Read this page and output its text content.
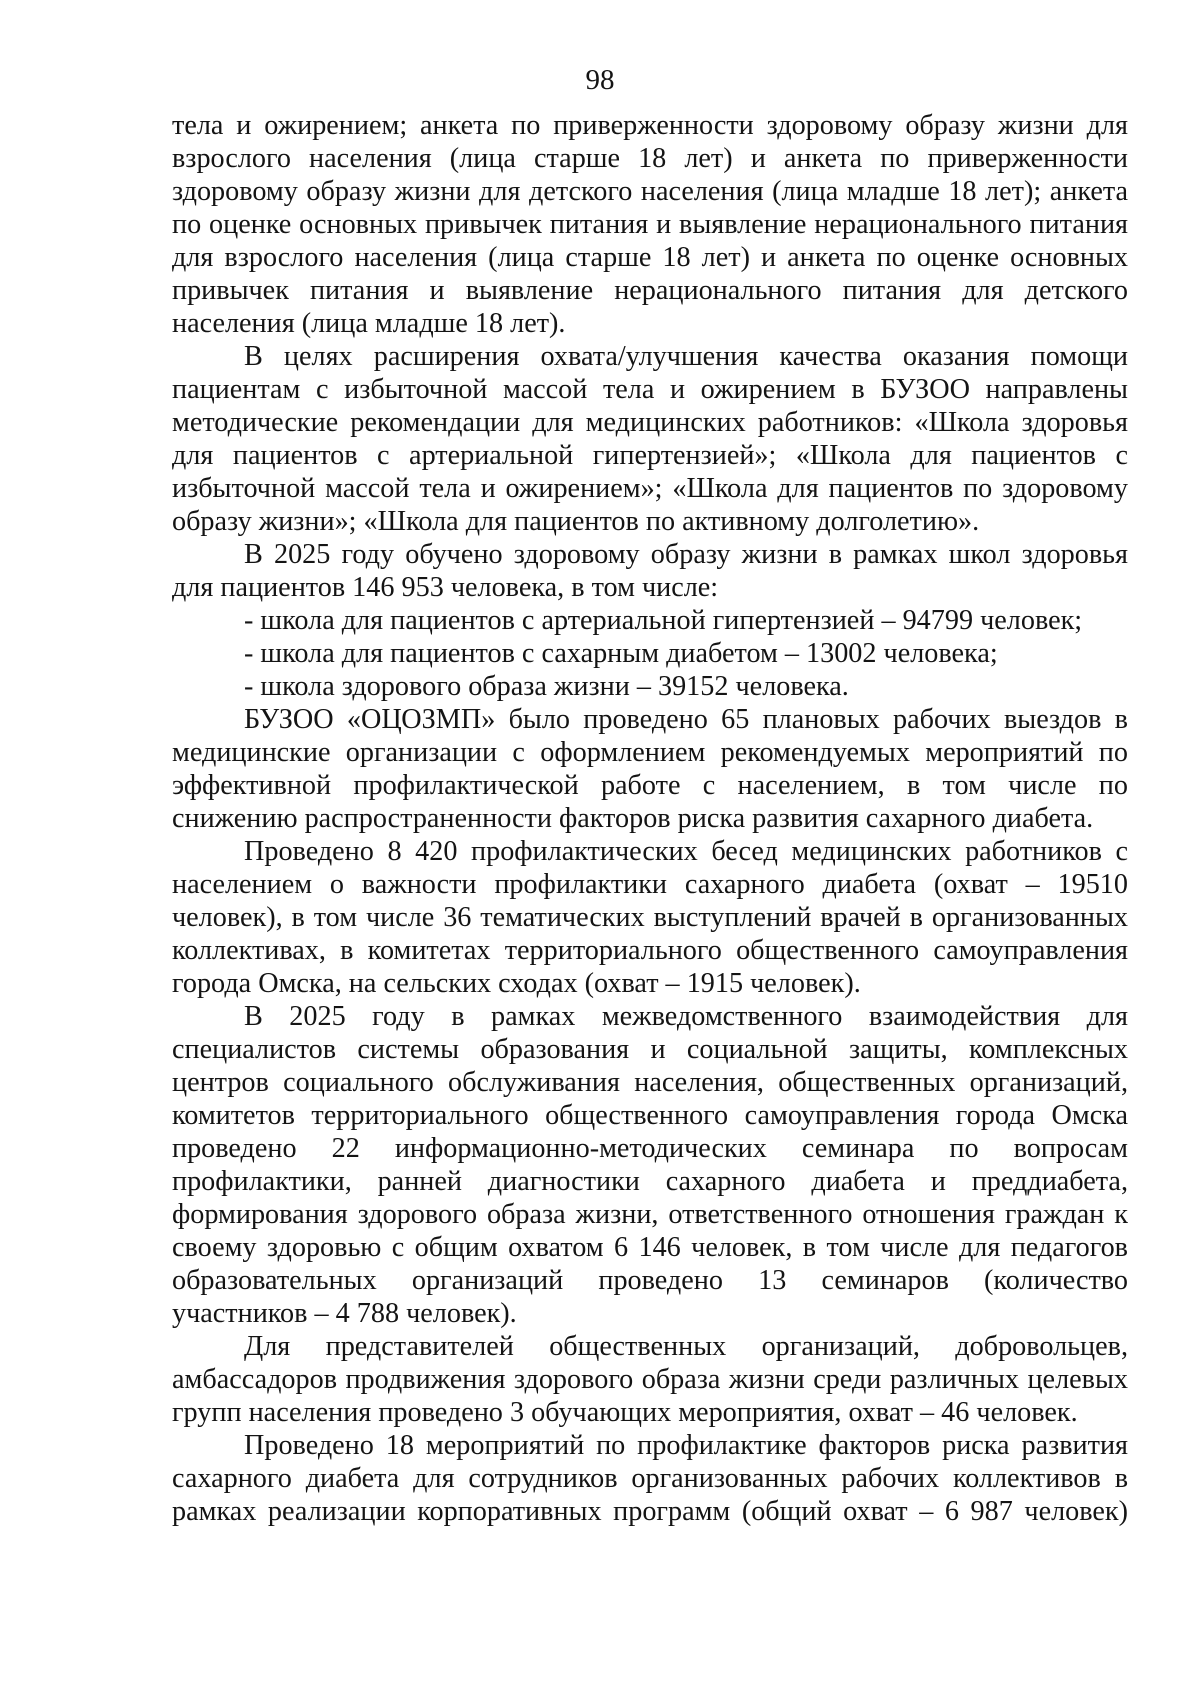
98

тела и ожирением; анкета по приверженности здоровому образу жизни для взрослого населения (лица старше 18 лет) и анкета по приверженности здоровому образу жизни для детского населения (лица младше 18 лет); анкета по оценке основных привычек питания и выявление нерационального питания для взрослого населения (лица старше 18 лет) и анкета по оценке основных привычек питания и выявление нерационального питания для детского населения (лица младше 18 лет).

В целях расширения охвата/улучшения качества оказания помощи пациентам с избыточной массой тела и ожирением в БУЗОО направлены методические рекомендации для медицинских работников: «Школа здоровья для пациентов с артериальной гипертензией»; «Школа для пациентов с избыточной массой тела и ожирением»; «Школа для пациентов по здоровому образу жизни»; «Школа для пациентов по активному долголетию».

В 2025 году обучено здоровому образу жизни в рамках школ здоровья для пациентов 146 953 человека, в том числе:

- школа для пациентов с артериальной гипертензией – 94799 человек;

- школа для пациентов с сахарным диабетом – 13002 человека;

- школа здорового образа жизни – 39152 человека.

БУЗОО «ОЦОЗМП» было проведено 65 плановых рабочих выездов в медицинские организации с оформлением рекомендуемых мероприятий по эффективной профилактической работе с населением, в том числе по снижению распространенности факторов риска развития сахарного диабета.

Проведено 8 420 профилактических бесед медицинских работников с населением о важности профилактики сахарного диабета (охват – 19510 человек), в том числе 36 тематических выступлений врачей в организованных коллективах, в комитетах территориального общественного самоуправления города Омска, на сельских сходах (охват – 1915 человек).

В 2025 году в рамках межведомственного взаимодействия для специалистов системы образования и социальной защиты, комплексных центров социального обслуживания населения, общественных организаций, комитетов территориального общественного самоуправления города Омска проведено 22 информационно-методических семинара по вопросам профилактики, ранней диагностики сахарного диабета и преддиабета, формирования здорового образа жизни, ответственного отношения граждан к своему здоровью с общим охватом 6 146 человек, в том числе для педагогов образовательных организаций проведено 13 семинаров (количество участников – 4 788 человек).

Для представителей общественных организаций, добровольцев, амбассадоров продвижения здорового образа жизни среди различных целевых групп населения проведено 3 обучающих мероприятия, охват – 46 человек.

Проведено 18 мероприятий по профилактике факторов риска развития сахарного диабета для сотрудников организованных рабочих коллективов в рамках реализации корпоративных программ (общий охват – 6 987 человек)
